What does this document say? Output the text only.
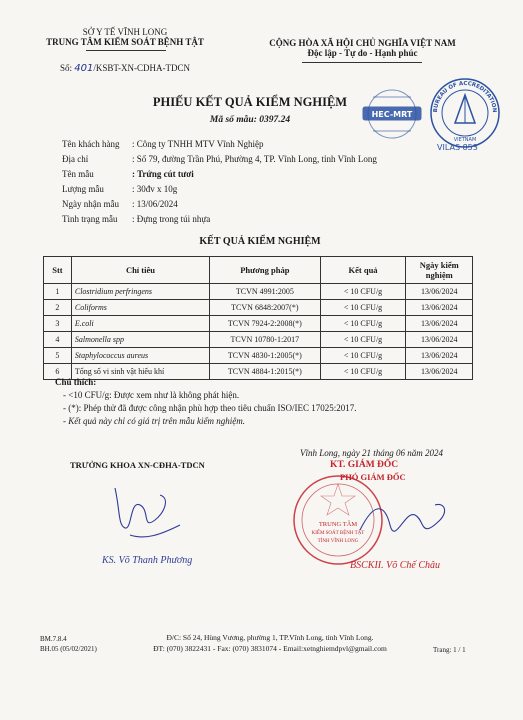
SỞ Y TẾ VĨNH LONG
TRUNG TÂM KIỂM SOÁT BỆNH TẬT
Số: 401/KSBT-XN-CDHA-TDCN
CỘNG HÒA XÃ HỘI CHỦ NGHĨA VIỆT NAM
Độc lập - Tự do - Hạnh phúc
PHIẾU KẾT QUẢ KIỂM NGHIỆM
Mã số mẫu: 0397.24
HEC-MRT	BUREAU OF ACCREDITATION
VIETNAM
VILAS 853
Tên khách hàng	: Công ty TNHH MTV Vĩnh Nghiệp
Địa chỉ	: Số 79, đường Trần Phú, Phường 4, TP. Vĩnh Long, tỉnh Vĩnh Long
Tên mẫu	: Trứng cút tươi
Lượng mẫu	: 30đv x 10g
Ngày nhận mẫu	: 13/06/2024
Tình trạng mẫu	: Đựng trong túi nhựa
KẾT QUẢ KIỂM NGHIỆM
Stt	Chỉ tiêu	Phương pháp	Kết quả	Ngày kiểm nghiệm
1	Clostridium perfringens	TCVN 4991:2005	< 10 CFU/g	13/06/2024
2	Coliforms	TCVN 6848:2007(*)	< 10 CFU/g	13/06/2024
3	E.coli	TCVN 7924-2:2008(*)	< 10 CFU/g	13/06/2024
4	Salmonella spp	TCVN 10780-1:2017	< 10 CFU/g	13/06/2024
5	Staphylococcus aureus	TCVN 4830-1:2005(*)	< 10 CFU/g	13/06/2024
6	Tổng số vi sinh vật hiếu khí	TCVN 4884-1:2015(*)	< 10 CFU/g	13/06/2024
Chú thích:
- <10 CFU/g: Được xem như là không phát hiện.
- (*): Phép thử đã được công nhận phù hợp theo tiêu chuẩn ISO/IEC 17025:2017.
- Kết quả này chỉ có giá trị trên mẫu kiểm nghiệm.
TRƯỞNG KHOA XN-CĐHA-TDCN
KS. Võ Thanh Phương
Vĩnh Long, ngày 21 tháng 06 năm 2024
KT. GIÁM ĐỐC
PHÓ GIÁM ĐỐC
TRUNG TÂM
KIỂM SOÁT BỆNH TẬT
TỈNH VĨNH LONG
BSCKII. Võ Chế Châu
BM.7.8.4
BH.05 (05/02/2021)
Đ/C: Số 24, Hùng Vương, phường 1, TP.Vĩnh Long, tỉnh Vĩnh Long.
ĐT: (070) 3822431 - Fax: (070) 3831074 - Email:xetnghiemdpvl@gmail.com	Trang: 1 / 1
